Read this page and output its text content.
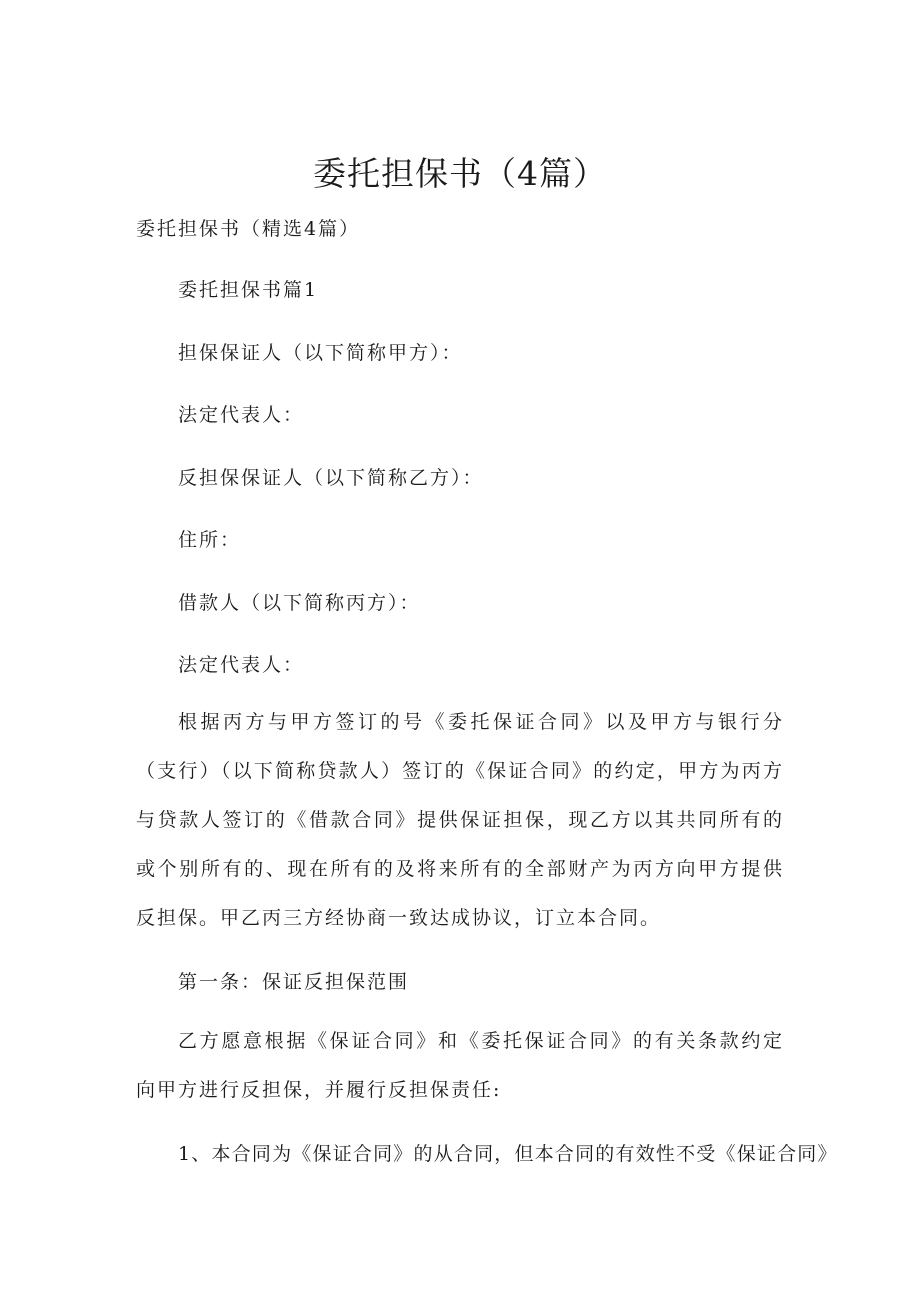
委托担保书（4篇）
委托担保书（精选4篇）
委托担保书篇1
担保保证人（以下简称甲方）：
法定代表人：
反担保保证人（以下简称乙方）：
住所：
借款人（以下简称丙方）：
法定代表人：

根据丙方与甲方签订的号《委托保证合同》以及甲方与银行分（支行）（以下简称贷款人）签订的《保证合同》的约定，甲方为丙方与贷款人签订的《借款合同》提供保证担保，现乙方以其共同所有的或个别所有的、现在所有的及将来所有的全部财产为丙方向甲方提供反担保。甲乙丙三方经协商一致达成协议，订立本合同。

第一条：保证反担保范围

乙方愿意根据《保证合同》和《委托保证合同》的有关条款约定向甲方进行反担保，并履行反担保责任:

1、本合同为《保证合同》的从合同，但本合同的有效性不受《保证合同》
